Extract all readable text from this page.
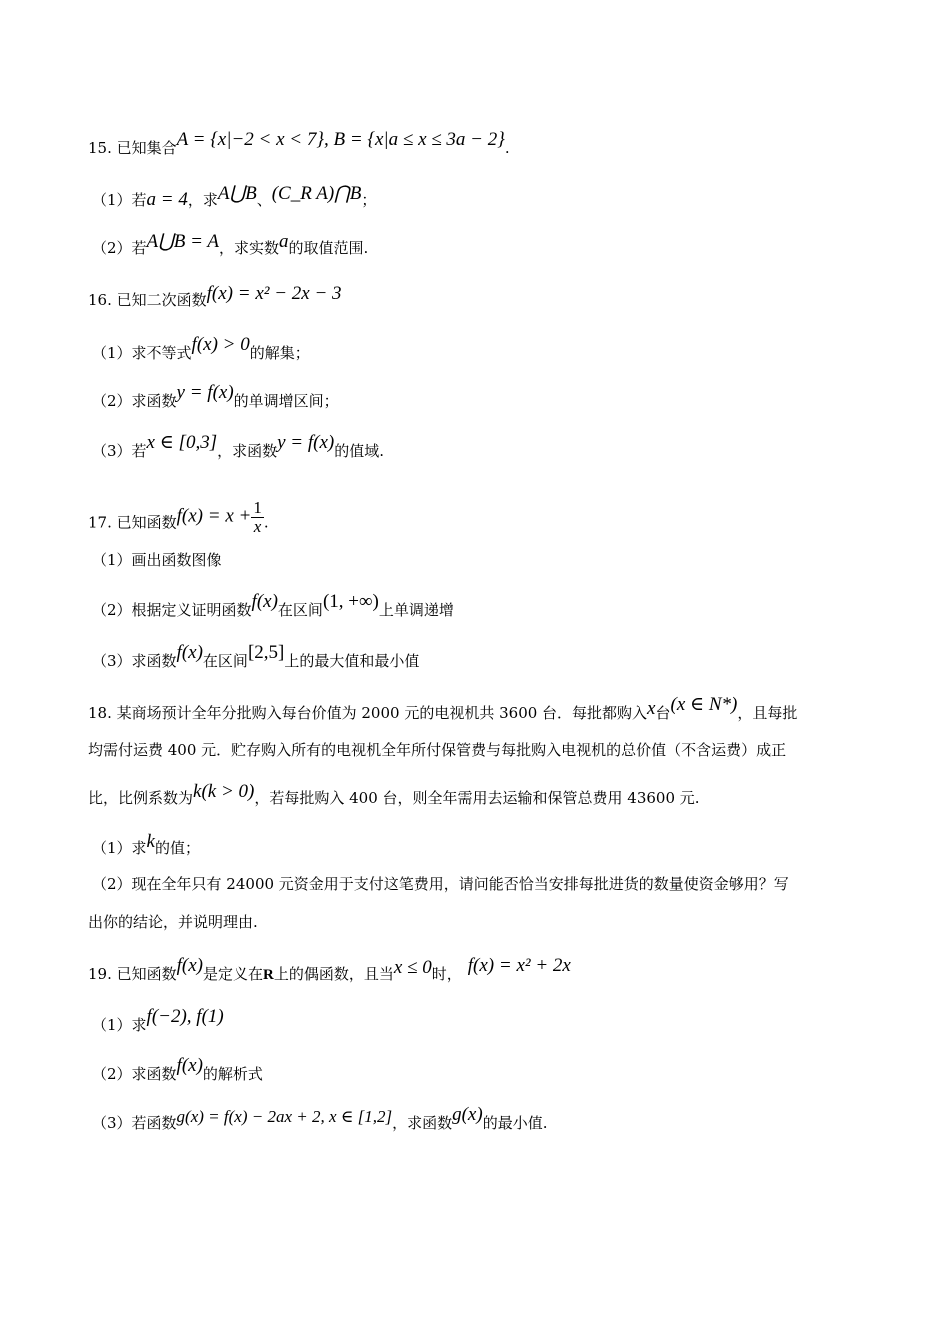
15. 已知集合A = {x|−2 < x < 7}, B = {x|a ≤ x ≤ 3a − 2}.
（1）若a = 4，求A⋃B、(C_R A)⋂B；
（2）若A⋃B = A，求实数a的取值范围.
16. 已知二次函数f(x) = x² − 2x − 3
（1）求不等式f(x) > 0的解集；
（2）求函数y = f(x)的单调增区间；
（3）若x ∈ [0,3]，求函数y = f(x)的值域.
17. 已知函数$f(x) = x + \frac{1}{x}$ .
（1）画出函数图像
（2）根据定义证明函数f(x)在区间(1, +∞)上单调递增
（3）求函数f(x)在区间[2,5]上的最大值和最小值
18. 某商场预计全年分批购入每台价值为 2000 元的电视机共 3600 台．每批都购入x台(x ∈ N*)，且每批
均需付运费 400 元．贮存购入所有的电视机全年所付保管费与每批购入电视机的总价值（不含运费）成正
比，比例系数为k(k > 0)，若每批购入 400 台，则全年需用去运输和保管总费用 43600 元.
（1）求k的值；
（2）现在全年只有 24000 元资金用于支付这笔费用，请问能否恰当安排每批进货的数量使资金够用？写
出你的结论，并说明理由.
19. 已知函数f(x)是定义在R上的偶函数，且当x ≤ 0时， f(x) = x² + 2x
（1）求f(−2), f(1)
（2）求函数f(x)的解析式
（3）若函数g(x) = f(x) − 2ax + 2, x ∈ [1,2]，求函数g(x)的最小值.
